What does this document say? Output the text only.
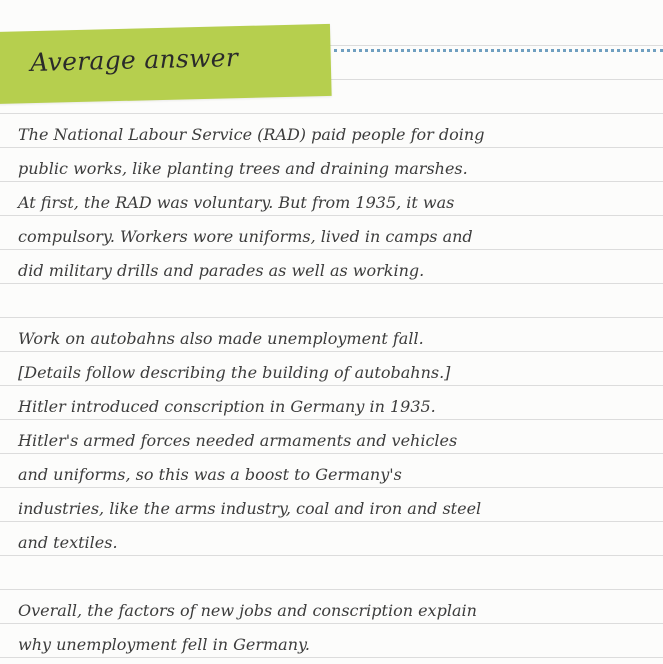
Average answer
The National Labour Service (RAD) paid people for doing
public works, like planting trees and draining marshes.
At first, the RAD was voluntary. But from 1935, it was
compulsory. Workers wore uniforms, lived in camps and
did military drills and parades as well as working.
Work on autobahns also made unemployment fall.
[Details follow describing the building of autobahns.]
Hitler introduced conscription in Germany in 1935.
Hitler's armed forces needed armaments and vehicles
and uniforms, so this was a boost to Germany's
industries, like the arms industry, coal and iron and steel
and textiles.
Overall, the factors of new jobs and conscription explain
why unemployment fell in Germany.
